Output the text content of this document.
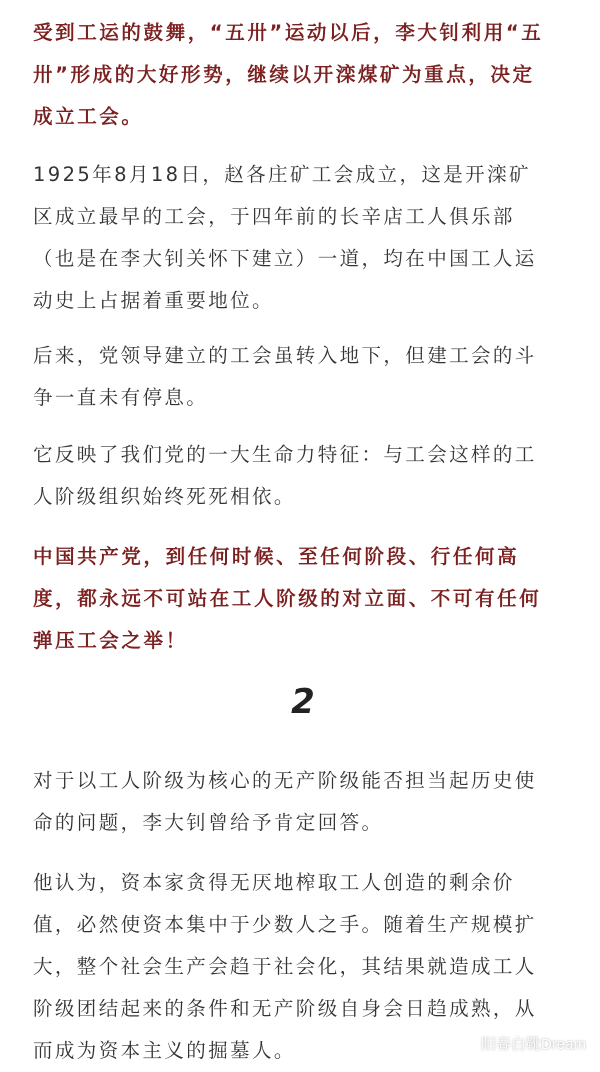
受到工运的鼓舞，“五卅”运动以后，李大钊利用“五
卅”形成的大好形势，继续以开滦煤矿为重点，决定
成立工会。

1925年8月18日，赵各庄矿工会成立，这是开滦矿
区成立最早的工会，于四年前的长辛店工人俱乐部
（也是在李大钊关怀下建立）一道，均在中国工人运
动史上占据着重要地位。

后来，党领导建立的工会虽转入地下，但建工会的斗
争一直未有停息。

它反映了我们党的一大生命力特征：与工会这样的工
人阶级组织始终死死相依。

中国共产党，到任何时候、至任何阶段、行任何高
度，都永远不可站在工人阶级的对立面、不可有任何
弹压工会之举！

2

对于以工人阶级为核心的无产阶级能否担当起历史使
命的问题，李大钊曾给予肯定回答。

他认为，资本家贪得无厌地榨取工人创造的剩余价
值，必然使资本集中于少数人之手。随着生产规模扩
大，整个社会生产会趋于社会化，其结果就造成工人
阶级团结起来的条件和无产阶级自身会日趋成熟，从
而成为资本主义的掘墓人。	阳春白靴Dream
